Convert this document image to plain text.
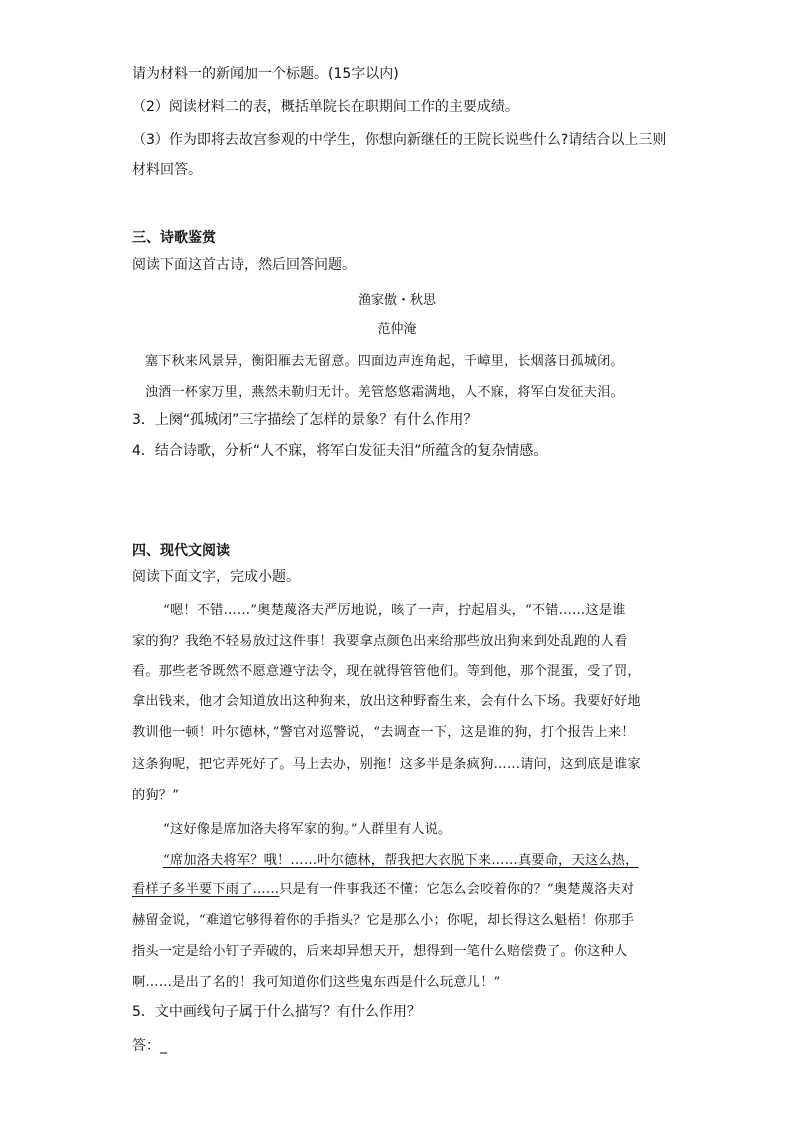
请为材料一的新闻加一个标题。(15字以内)
（2）阅读材料二的表，概括单院长在职期间工作的主要成绩。
（3）作为即将去故宫参观的中学生，你想向新继任的王院长说些什么?请结合以上三则
材料回答。
三、诗歌鉴赏
阅读下面这首古诗，然后回答问题。
渔家傲・秋思
范仲淹
塞下秋来风景异，衡阳雁去无留意。四面边声连角起，千嶂里，长烟落日孤城闭。
浊酒一杯家万里，燕然未勒归无计。羌管悠悠霜满地，人不寐，将军白发征夫泪。
3．上阕“孤城闭”三字描绘了怎样的景象？有什么作用？
4．结合诗歌，分析“人不寐，将军白发征夫泪”所蕴含的复杂情感。
四、现代文阅读
阅读下面文字，完成小题。
“嗯！不错……”奥楚蔑洛夫严厉地说，咳了一声，拧起眉头，“不错……这是谁
家的狗？我绝不轻易放过这件事！我要拿点颜色出来给那些放出狗来到处乱跑的人看
看。那些老爷既然不愿意遵守法令，现在就得管管他们。等到他，那个混蛋，受了罚，
拿出钱来，他才会知道放出这种狗来，放出这种野畜生来，会有什么下场。我要好好地
教训他一顿！叶尔德林，”警官对巡警说，“去调查一下，这是谁的狗，打个报告上来！
这条狗呢，把它弄死好了。马上去办，别拖！这多半是条疯狗……请问，这到底是谁家
的狗？”
“这好像是席加洛夫将军家的狗。”人群里有人说。
“席加洛夫将军？哦！……叶尔德林，帮我把大衣脱下来……真要命，天这么热，
看样子多半要下雨了……只是有一件事我还不懂：它怎么会咬着你的？”奥楚蔑洛夫对
赫留金说，“难道它够得着你的手指头？它是那么小；你呢，却长得这么魁梧！你那手
指头一定是给小钉子弄破的，后来却异想天开，想得到一笔什么赔偿费了。你这种人
啊……是出了名的！我可知道你们这些鬼东西是什么玩意儿！”
5．文中画线句子属于什么描写？有什么作用？
答：_
